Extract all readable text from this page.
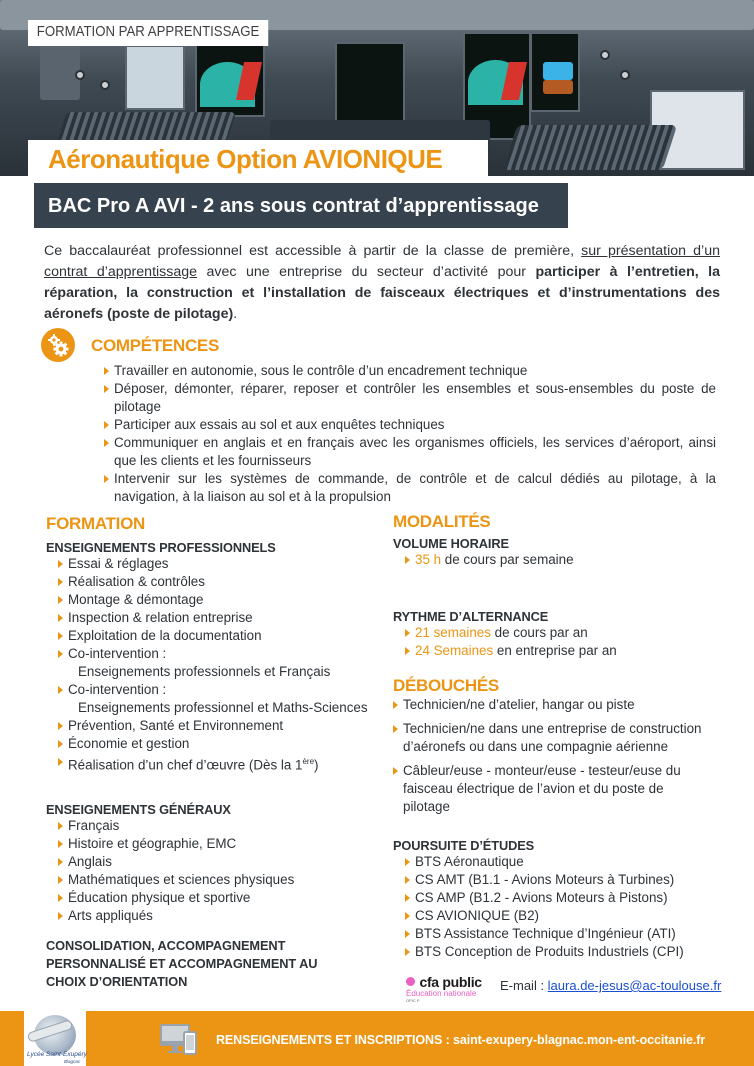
FORMATION PAR APPRENTISSAGE
Aéronautique Option AVIONIQUE
BAC Pro A AVI - 2 ans sous contrat d’apprentissage

Ce baccalauréat professionnel est accessible à partir de la classe de première, sur présentation d’un contrat d’apprentissage avec une entreprise du secteur d’activité pour participer à l’entretien, la réparation, la construction et l’installation de faisceaux électriques et d’instrumentations des aéronefs (poste de pilotage).

COMPÉTENCES
Travailler en autonomie, sous le contrôle d’un encadrement technique
Déposer, démonter, réparer, reposer et contrôler les ensembles et sous-ensembles du poste de pilotage
Participer aux essais au sol et aux enquêtes techniques
Communiquer en anglais et en français avec les organismes officiels, les services d’aéroport, ainsi que les clients et les fournisseurs
Intervenir sur les systèmes de commande, de contrôle et de calcul dédiés au pilotage, à la navigation, à la liaison au sol et à la propulsion
FORMATION
ENSEIGNEMENTS PROFESSIONNELS
Essai & réglages
Réalisation & contrôles
Montage & démontage
Inspection & relation entreprise
Exploitation de la documentation
Co-intervention :
Enseignements professionnels et Français
Co-intervention :
Enseignements professionnel et Maths-Sciences
Prévention, Santé et Environnement
Économie et gestion
Réalisation d’un chef d’œuvre (Dès la 1ère)
ENSEIGNEMENTS GÉNÉRAUX
Français
Histoire et géographie, EMC
Anglais
Mathématiques et sciences physiques
Éducation physique et sportive
Arts appliqués
CONSOLIDATION, ACCOMPAGNEMENT PERSONNALISÉ ET ACCOMPAGNEMENT AU CHOIX D’ORIENTATION
MODALITÉS
VOLUME HORAIRE
35 h de cours par semaine
RYTHME D’ALTERNANCE
21 semaines de cours par an
24 Semaines en entreprise par an
DÉBOUCHÉS
Technicien/ne d’atelier, hangar ou piste
Technicien/ne dans une entreprise de construction d’aéronefs ou dans une compagnie aérienne
Câbleur/euse - monteur/euse - testeur/euse du faisceau électrique de l’avion et du poste de pilotage
POURSUITE D’ÉTUDES
BTS Aéronautique
CS AMT (B1.1 - Avions Moteurs à Turbines)
CS AMP (B1.2 - Avions Moteurs à Pistons)
CS AVIONIQUE (B2)
BTS Assistance Technique d’Ingénieur (ATI)
BTS Conception de Produits Industriels (CPI)
cfa public
Éducation nationale
OPIC P
E-mail : laura.de-jesus@ac-toulouse.fr
Lycée Saint-Exupéry
Blagnac
RENSEIGNEMENTS ET INSCRIPTIONS : saint-exupery-blagnac.mon-ent-occitanie.fr
